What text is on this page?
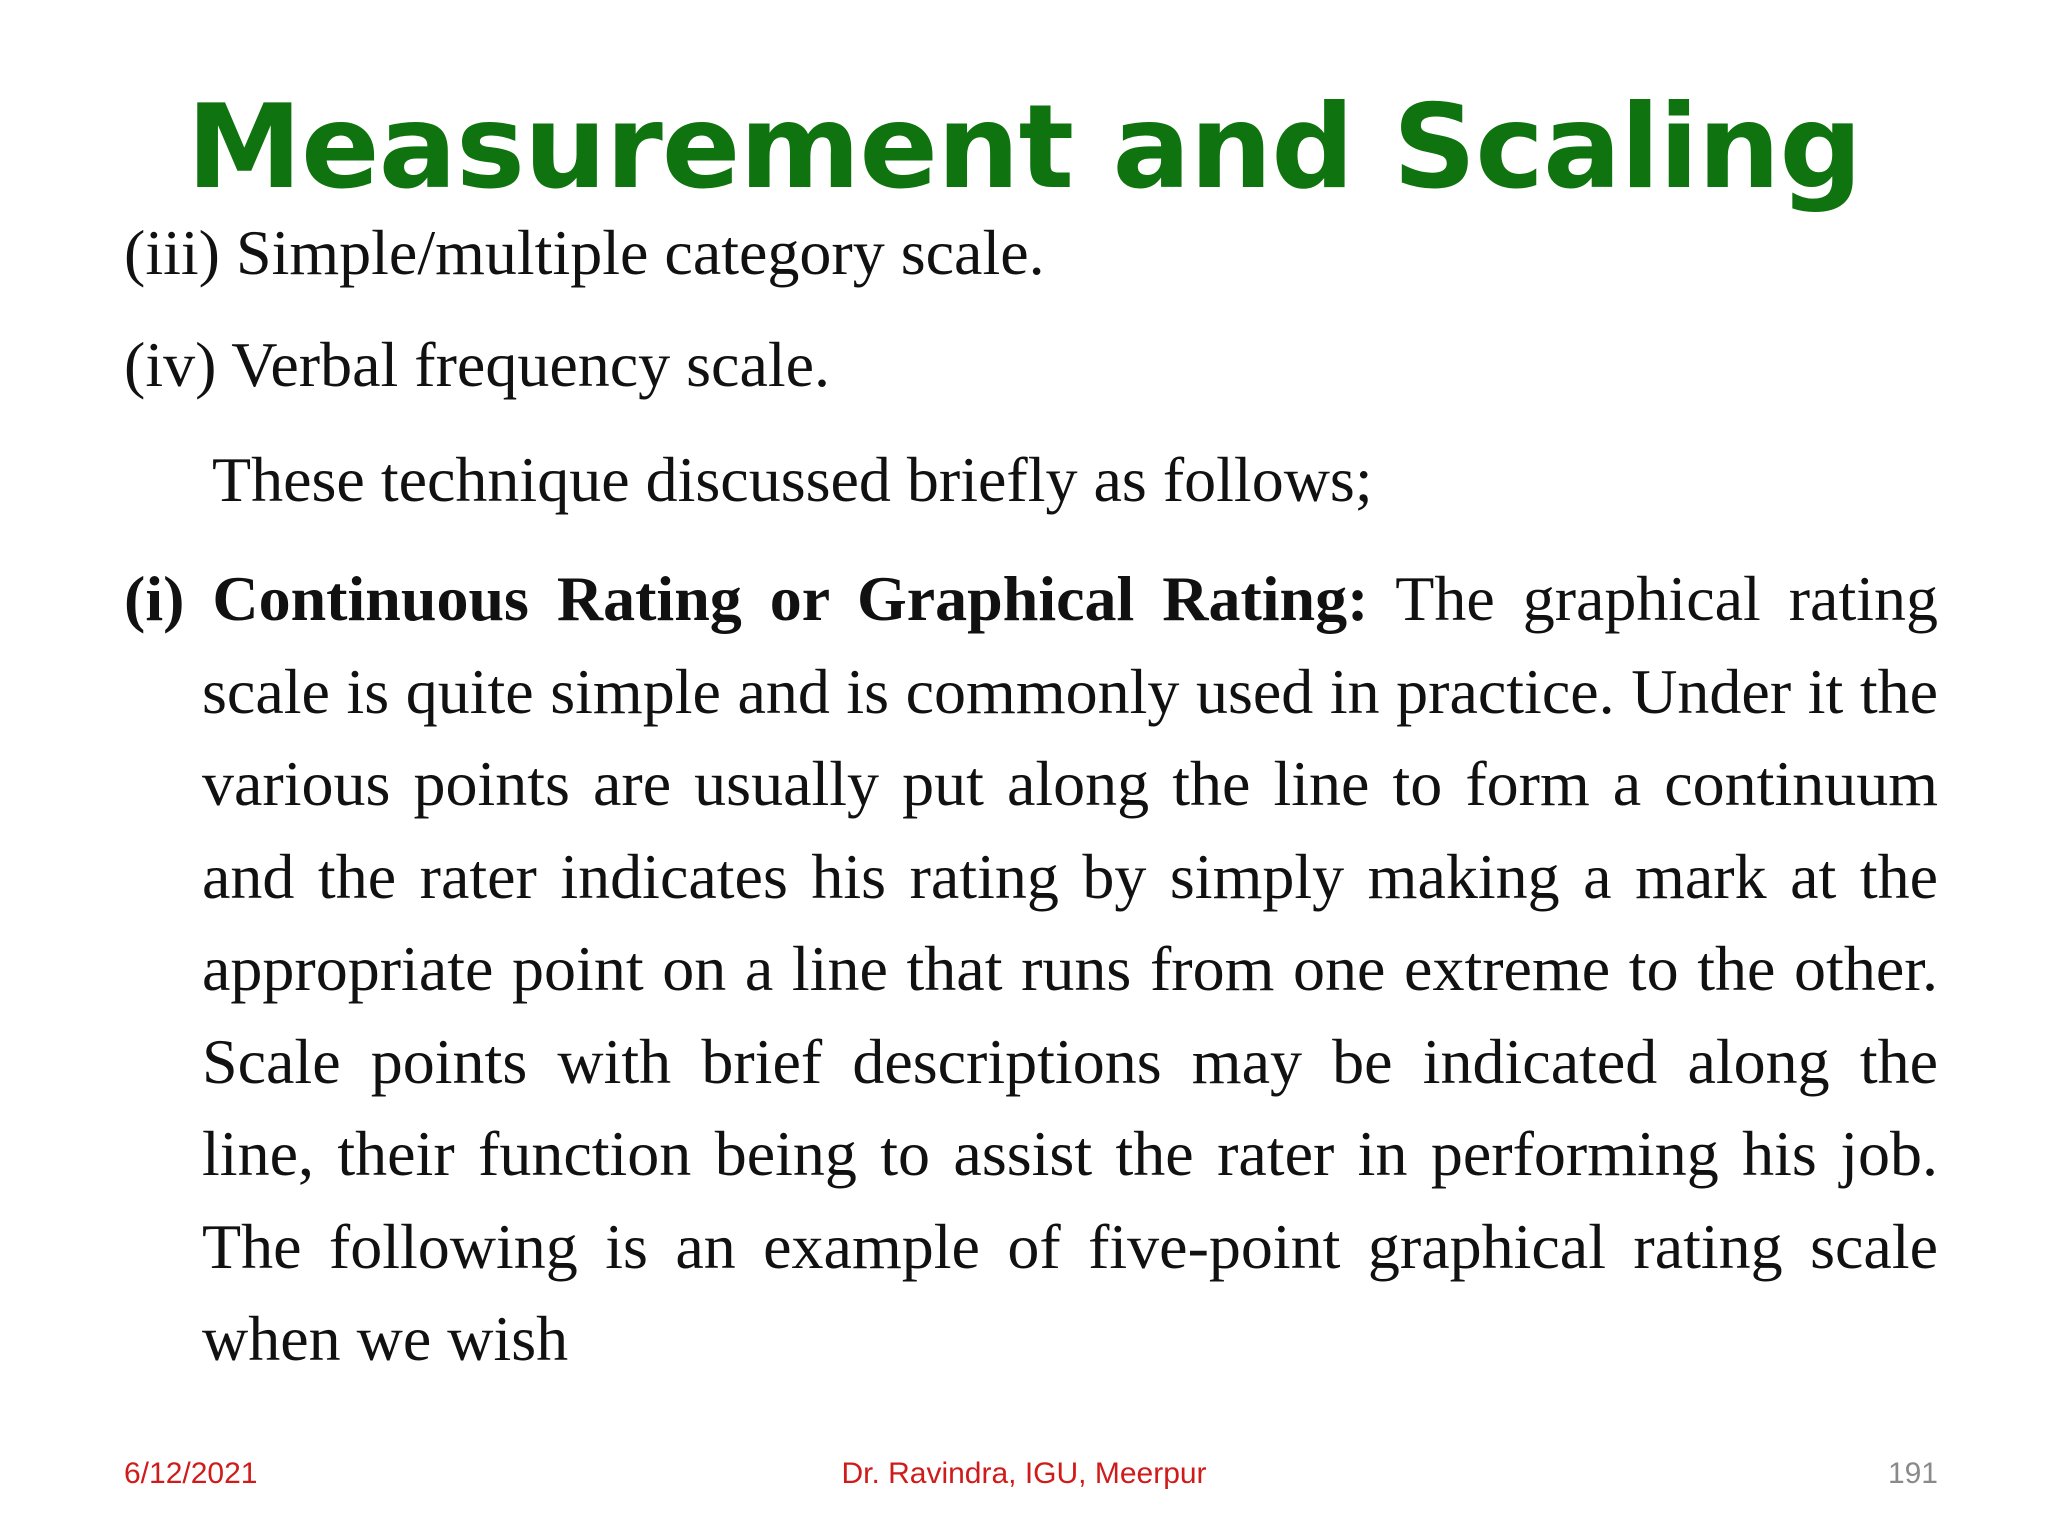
Measurement and Scaling

(iii) Simple/multiple category scale.

(iv) Verbal frequency scale.

These technique discussed briefly as follows;

(i) Continuous Rating or Graphical Rating: The graphical rating scale is quite simple and is commonly used in practice. Under it the various points are usually put along the line to form a continuum and the rater indicates his rating by simply making a mark at the appropriate point on a line that runs from one extreme to the other. Scale points with brief descriptions may be indicated along the line, their function being to assist the rater in performing his job. The following is an example of five-point graphical rating scale when we wish

Dr. Ravindra, IGU, Meerpur

6/12/2021	191
